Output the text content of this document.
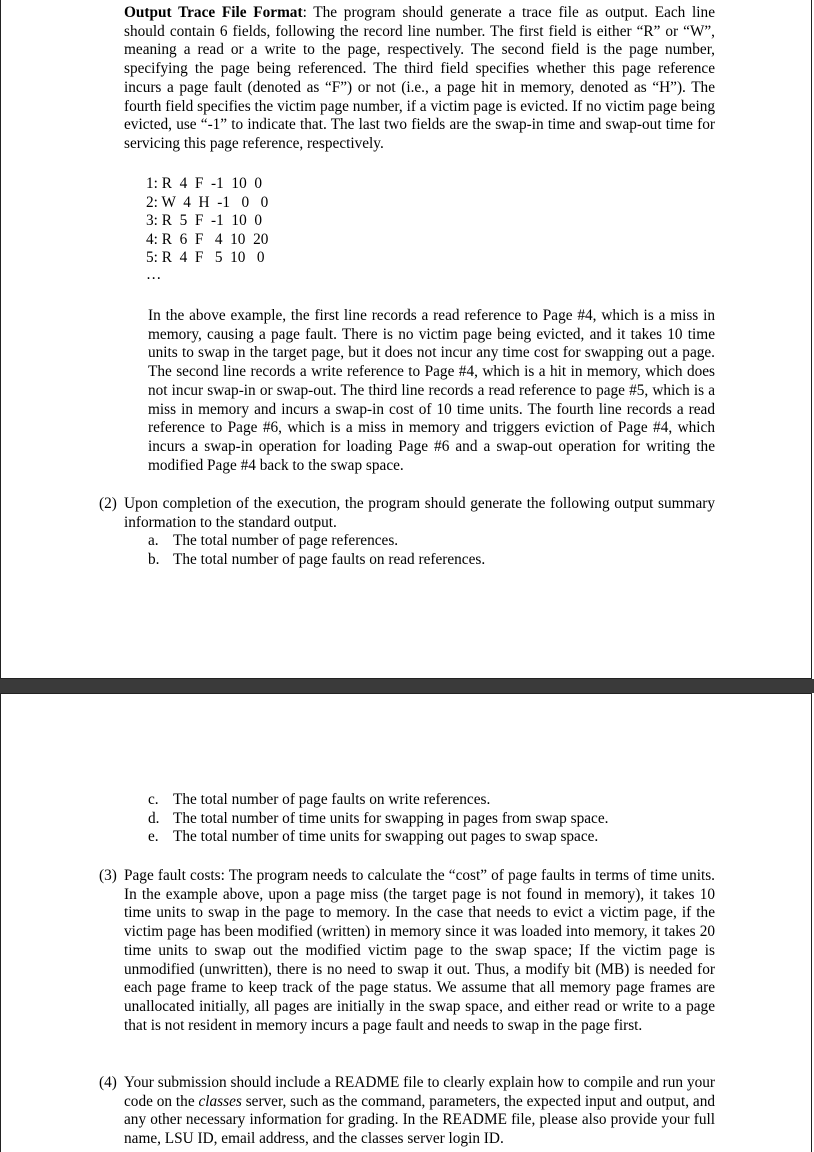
Output Trace File Format: The program should generate a trace file as output. Each line should contain 6 fields, following the record line number. The first field is either “R” or “W”, meaning a read or a write to the page, respectively. The second field is the page number, specifying the page being referenced. The third field specifies whether this page reference incurs a page fault (denoted as “F”) or not (i.e., a page hit in memory, denoted as “H”). The fourth field specifies the victim page number, if a victim page is evicted. If no victim page being evicted, use “-1” to indicate that. The last two fields are the swap-in time and swap-out time for servicing this page reference, respectively.

1: R  4  F  -1  10  0
2: W  4  H  -1   0   0
3: R  5  F  -1  10  0
4: R  6  F   4  10  20
5: R  4  F   5  10   0
…

In the above example, the first line records a read reference to Page #4, which is a miss in memory, causing a page fault. There is no victim page being evicted, and it takes 10 time units to swap in the target page, but it does not incur any time cost for swapping out a page. The second line records a write reference to Page #4, which is a hit in memory, which does not incur swap-in or swap-out. The third line records a read reference to page #5, which is a miss in memory and incurs a swap-in cost of 10 time units. The fourth line records a read reference to Page #6, which is a miss in memory and triggers eviction of Page #4, which incurs a swap-in operation for loading Page #6 and a swap-out operation for writing the modified Page #4 back to the swap space.

(2) Upon completion of the execution, the program should generate the following output summary information to the standard output.
a. The total number of page references.
b. The total number of page faults on read references.
c. The total number of page faults on write references.
d. The total number of time units for swapping in pages from swap space.
e. The total number of time units for swapping out pages to swap space.
(3) Page fault costs: The program needs to calculate the “cost” of page faults in terms of time units. In the example above, upon a page miss (the target page is not found in memory), it takes 10 time units to swap in the page to memory. In the case that needs to evict a victim page, if the victim page has been modified (written) in memory since it was loaded into memory, it takes 20 time units to swap out the modified victim page to the swap space; If the victim page is unmodified (unwritten), there is no need to swap it out. Thus, a modify bit (MB) is needed for each page frame to keep track of the page status. We assume that all memory page frames are unallocated initially, all pages are initially in the swap space, and either read or write to a page that is not resident in memory incurs a page fault and needs to swap in the page first.
(4) Your submission should include a README file to clearly explain how to compile and run your code on the classes server, such as the command, parameters, the expected input and output, and any other necessary information for grading. In the README file, please also provide your full name, LSU ID, email address, and the classes server login ID.
